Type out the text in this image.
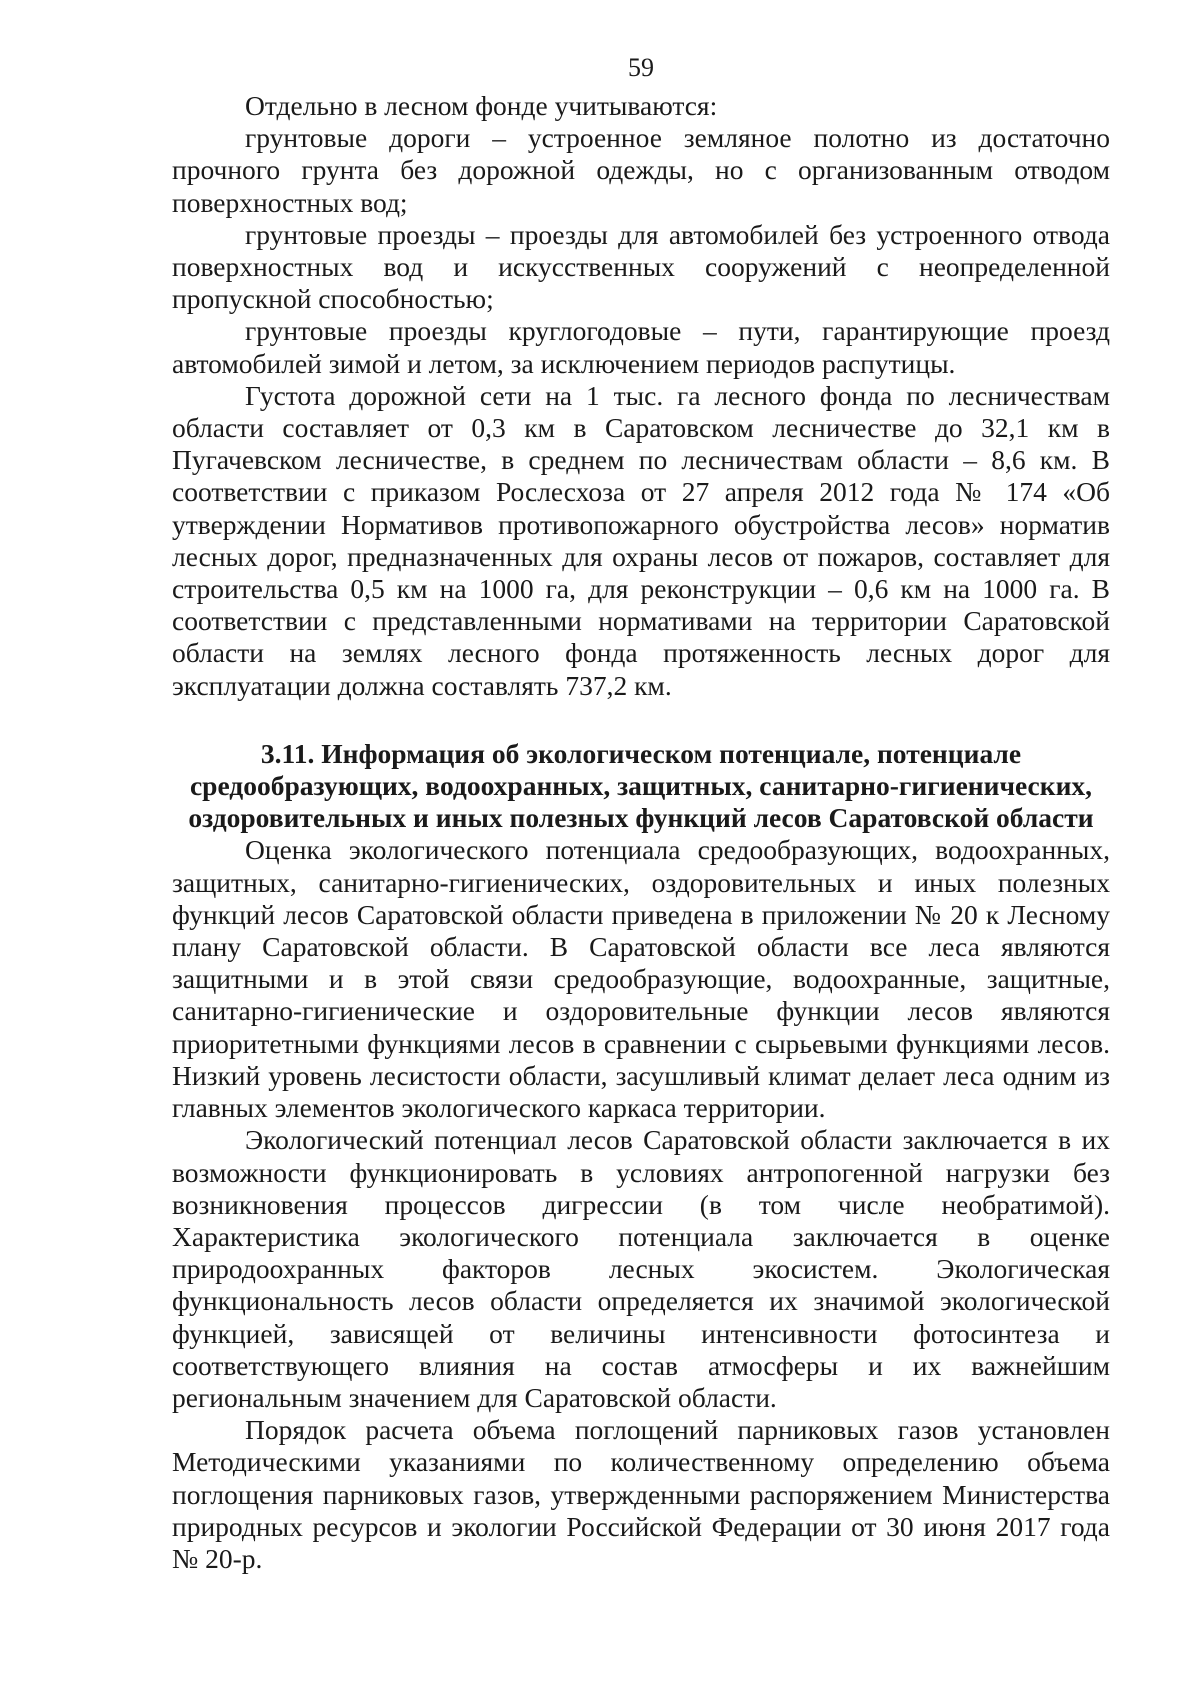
59

Отдельно в лесном фонде учитываются:

грунтовые дороги – устроенное земляное полотно из достаточно прочного грунта без дорожной одежды, но с организованным отводом поверхностных вод;

грунтовые проезды – проезды для автомобилей без устроенного отвода поверхностных вод и искусственных сооружений с неопределенной пропускной способностью;

грунтовые проезды круглогодовые – пути, гарантирующие проезд автомобилей зимой и летом, за исключением периодов распутицы.

Густота дорожной сети на 1 тыс. га лесного фонда по лесничествам области составляет от 0,3 км в Саратовском лесничестве до 32,1 км в Пугачевском лесничестве, в среднем по лесничествам области – 8,6 км. В соответствии с приказом Рослесхоза от 27 апреля 2012 года № 174 «Об утверждении Нормативов противопожарного обустройства лесов» норматив лесных дорог, предназначенных для охраны лесов от пожаров, составляет для строительства 0,5 км на 1000 га, для реконструкции – 0,6 км на 1000 га. В соответствии с представленными нормативами на территории Саратовской области на землях лесного фонда протяженность лесных дорог для эксплуатации должна составлять 737,2 км.

3.11. Информация об экологическом потенциале, потенциале
средообразующих, водоохранных, защитных, санитарно-гигиенических,
оздоровительных и иных полезных функций лесов Саратовской области

Оценка экологического потенциала средообразующих, водоохранных, защитных, санитарно-гигиенических, оздоровительных и иных полезных функций лесов Саратовской области приведена в приложении № 20 к Лесному плану Саратовской области. В Саратовской области все леса являются защитными и в этой связи средообразующие, водоохранные, защитные, санитарно-гигиенические и оздоровительные функции лесов являются приоритетными функциями лесов в сравнении с сырьевыми функциями лесов. Низкий уровень лесистости области, засушливый климат делает леса одним из главных элементов экологического каркаса территории.

Экологический потенциал лесов Саратовской области заключается в их возможности функционировать в условиях антропогенной нагрузки без возникновения процессов дигрессии (в том числе необратимой). Характеристика экологического потенциала заключается в оценке природоохранных факторов лесных экосистем. Экологическая функциональность лесов области определяется их значимой экологической функцией, зависящей от величины интенсивности фотосинтеза и соответствующего влияния на состав атмосферы и их важнейшим региональным значением для Саратовской области.

Порядок расчета объема поглощений парниковых газов установлен Методическими указаниями по количественному определению объема поглощения парниковых газов, утвержденными распоряжением Министерства природных ресурсов и экологии Российской Федерации от 30 июня 2017 года № 20-р.
